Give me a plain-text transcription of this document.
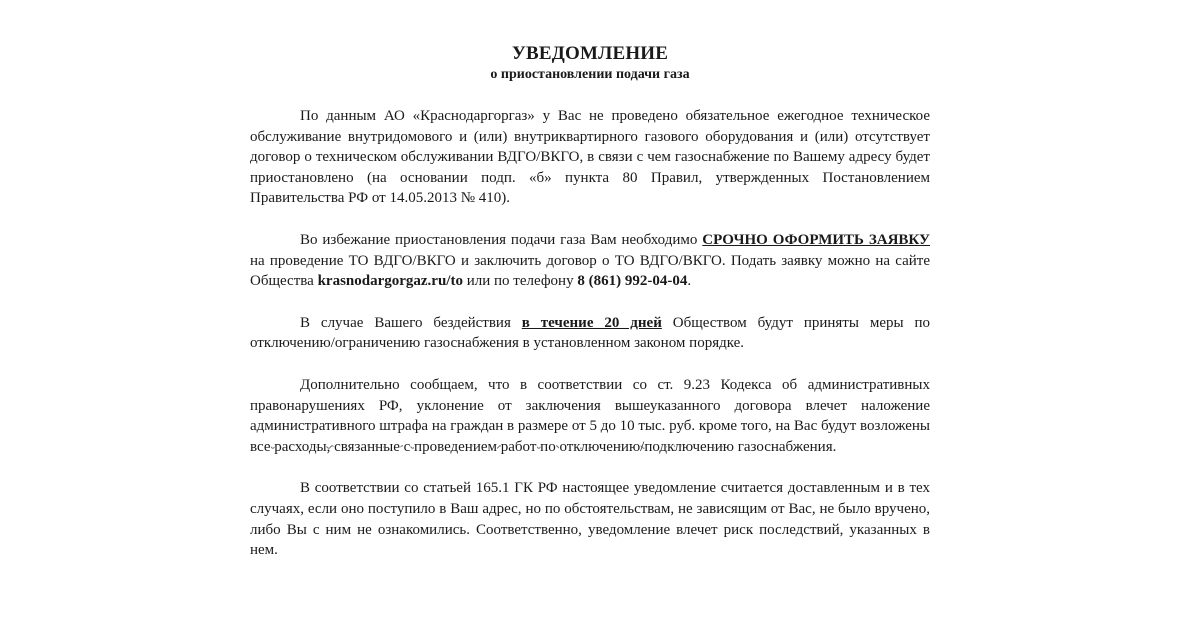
УВЕДОМЛЕНИЕ
о приостановлении подачи газа

По данным АО «Краснодаргоргаз» у Вас не проведено обязательное ежегодное техническое обслуживание внутридомового и (или) внутриквартирного газового оборудования и (или) отсутствует договор о техническом обслуживании ВДГО/ВКГО, в связи с чем газоснабжение по Вашему адресу будет приостановлено (на основании подп. «б» пункта 80 Правил, утвержденных Постановлением Правительства РФ от 14.05.2013 № 410).

Во избежание приостановления подачи газа Вам необходимо СРОЧНО ОФОРМИТЬ ЗАЯВКУ на проведение ТО ВДГО/ВКГО и заключить договор о ТО ВДГО/ВКГО. Подать заявку можно на сайте Общества krasnodargorgaz.ru/to или по телефону 8 (861) 992-04-04.

В случае Вашего бездействия в течение 20 дней Обществом будут приняты меры по отключению/ограничению газоснабжения в установленном законом порядке.

Дополнительно сообщаем, что в соответствии со ст. 9.23 Кодекса об административных правонарушениях РФ, уклонение от заключения вышеуказанного договора влечет наложение административного штрафа на граждан в размере от 5 до 10 тыс. руб. кроме того, на Вас будут возложены все расходы, связанные с проведением работ по отключению/подключению газоснабжения.

В соответствии со статьей 165.1 ГК РФ настоящее уведомление считается доставленным и в тех случаях, если оно поступило в Ваш адрес, но по обстоятельствам, не зависящим от Вас, не было вручено, либо Вы с ним не ознакомились. Соответственно, уведомление влечет риск последствий, указанных в нем.
